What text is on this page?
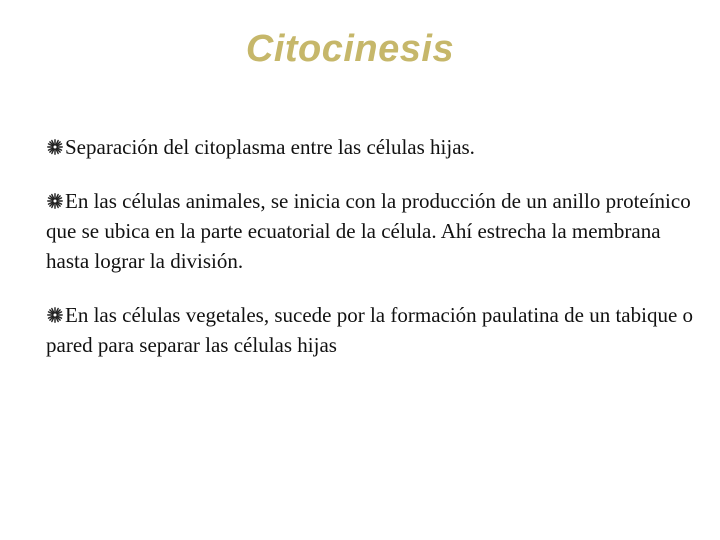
Citocinesis
Separación del citoplasma entre las células hijas.
En las células animales, se inicia con la producción de un anillo proteínico que se ubica en la parte ecuatorial de la célula. Ahí estrecha la membrana hasta lograr la división.
En las células vegetales, sucede por la formación paulatina de un tabique o pared para separar las células hijas
